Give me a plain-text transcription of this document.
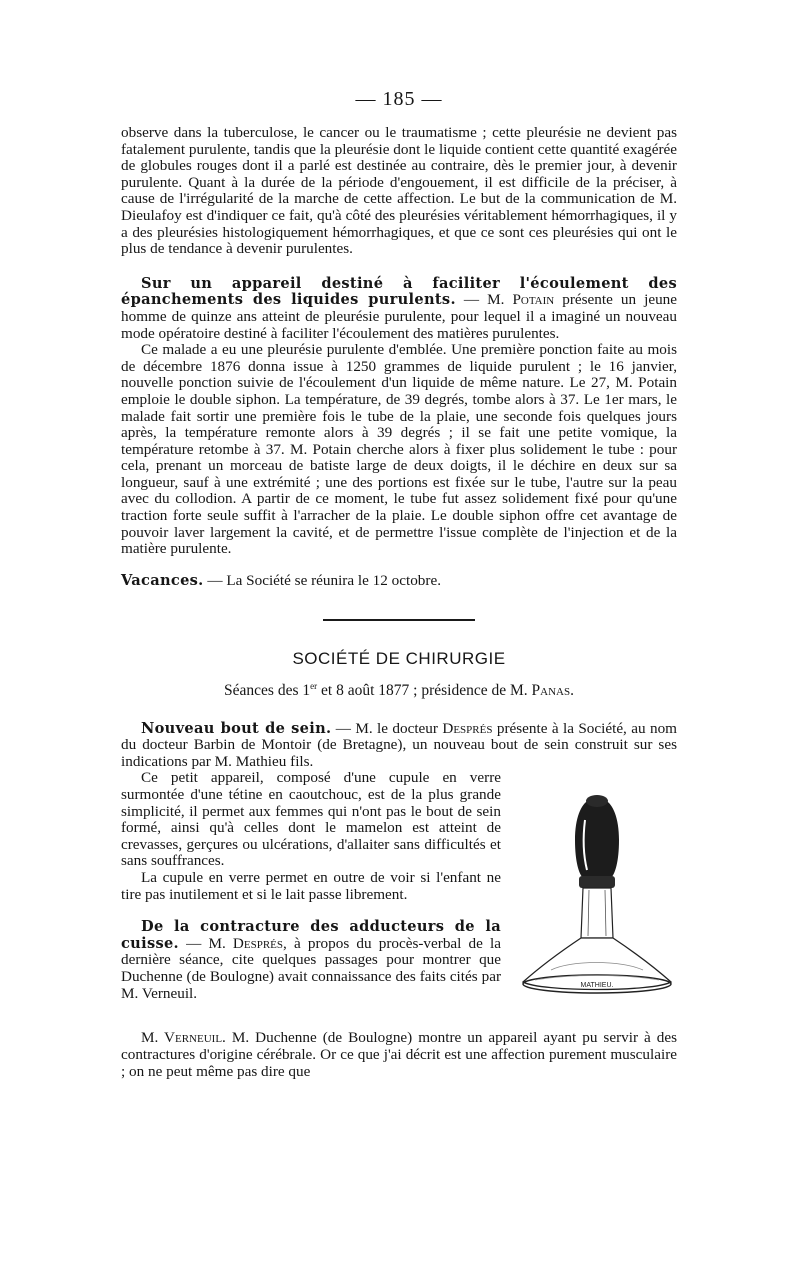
— 185 —

observe dans la tuberculose, le cancer ou le traumatisme ; cette pleurésie ne devient pas fatalement purulente, tandis que la pleurésie dont le liquide contient cette quantité exagérée de globules rouges dont il a parlé est destinée au contraire, dès le premier jour, à devenir purulente. Quant à la durée de la période d'engouement, il est difficile de la préciser, à cause de l'irrégularité de la marche de cette affection. Le but de la communication de M. Dieulafoy est d'indiquer ce fait, qu'à côté des pleurésies véritablement hémorrhagiques, il y a des pleurésies histologiquement hémorrhagiques, et que ce sont ces pleurésies qui ont le plus de tendance à devenir purulentes.

Sur un appareil destiné à faciliter l'écoulement des épanchements des liquides purulents. — M. Potain présente un jeune homme de quinze ans atteint de pleurésie purulente, pour lequel il a imaginé un nouveau mode opératoire destiné à faciliter l'écoulement des matières purulentes.

Ce malade a eu une pleurésie purulente d'emblée. Une première ponction faite au mois de décembre 1876 donna issue à 1250 grammes de liquide purulent ; le 16 janvier, nouvelle ponction suivie de l'écoulement d'un liquide de même nature. Le 27, M. Potain emploie le double siphon. La température, de 39 degrés, tombe alors à 37. Le 1er mars, le malade fait sortir une première fois le tube de la plaie, une seconde fois quelques jours après, la température remonte alors à 39 degrés ; il se fait une petite vomique, la température retombe à 37. M. Potain cherche alors à fixer plus solidement le tube : pour cela, prenant un morceau de batiste large de deux doigts, il le déchire en deux sur sa longueur, sauf à une extrémité ; une des portions est fixée sur le tube, l'autre sur la peau avec du collodion. A partir de ce moment, le tube fut assez solidement fixé pour qu'une traction forte seule suffit à l'arracher de la plaie. Le double siphon offre cet avantage de pouvoir laver largement la cavité, et de permettre l'issue complète de l'injection et de la matière purulente.

Vacances. — La Société se réunira le 12 octobre.

SOCIÉTÉ DE CHIRURGIE
Séances des 1er et 8 août 1877 ; présidence de M. Panas.

Nouveau bout de sein. — M. le docteur Després présente à la Société, au nom du docteur Barbin de Montoir (de Bretagne), un nouveau bout de sein construit sur ses indications par M. Mathieu fils.

Ce petit appareil, composé d'une cupule en verre surmontée d'une tétine en caoutchouc, est de la plus grande simplicité, il permet aux femmes qui n'ont pas le bout de sein formé, ainsi qu'à celles dont le mamelon est atteint de crevasses, gerçures ou ulcérations, d'allaiter sans difficultés et sans souffrances.

La cupule en verre permet en outre de voir si l'enfant ne tire pas inutilement et si le lait passe librement.

De la contracture des adducteurs de la cuisse. — M. Després, à propos du procès-verbal de la dernière séance, cite quelques passages pour montrer que Duchenne (de Boulogne) avait connaissance des faits cités par M. Verneuil.	MATHIEU.

M. Verneuil. M. Duchenne (de Boulogne) montre un appareil ayant pu servir à des contractures d'origine cérébrale. Or ce que j'ai décrit est une affection purement musculaire ; on ne peut même pas dire que
